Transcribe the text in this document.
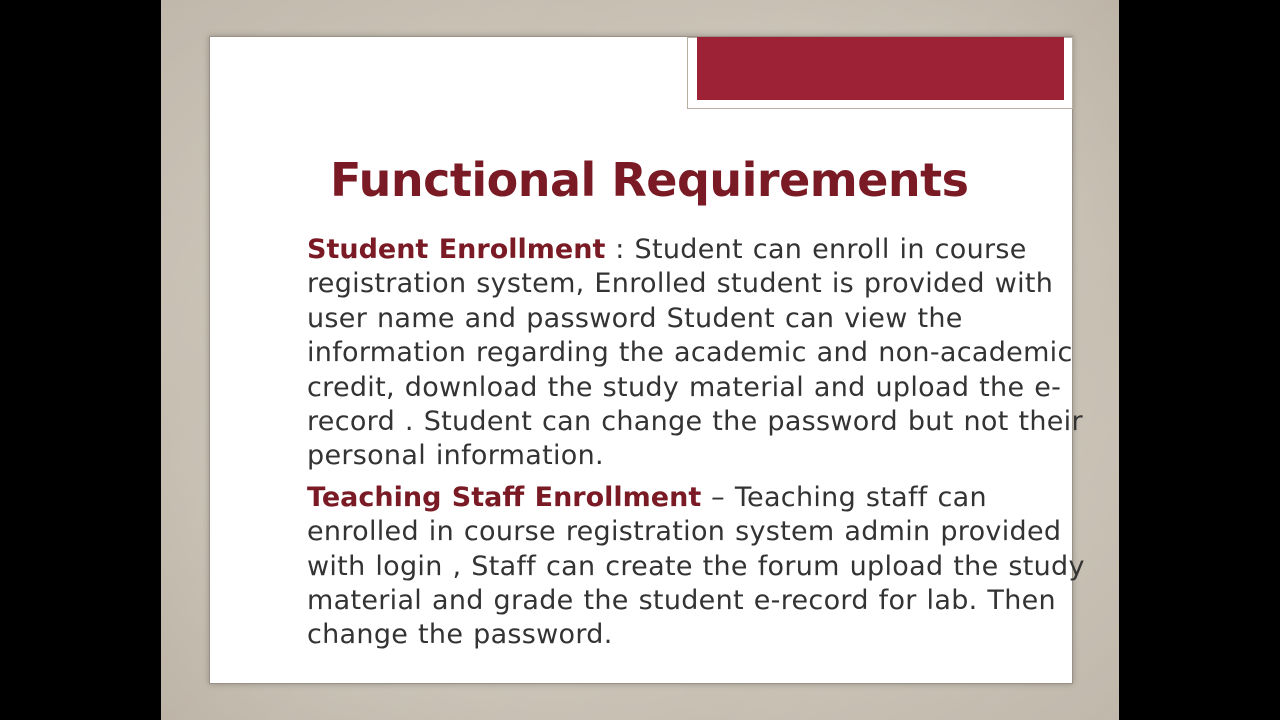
Functional Requirements

Student Enrollment : Student can enroll in course registration system, Enrolled student is provided with user name and password Student can view the information regarding the academic and non-academic credit, download the study material and upload the e-record . Student can change the password but not their personal information.

Teaching Staff Enrollment – Teaching staff can enrolled in course registration system admin provided with login , Staff can create the forum upload the study material and grade the student e-record for lab. Then change the password.
